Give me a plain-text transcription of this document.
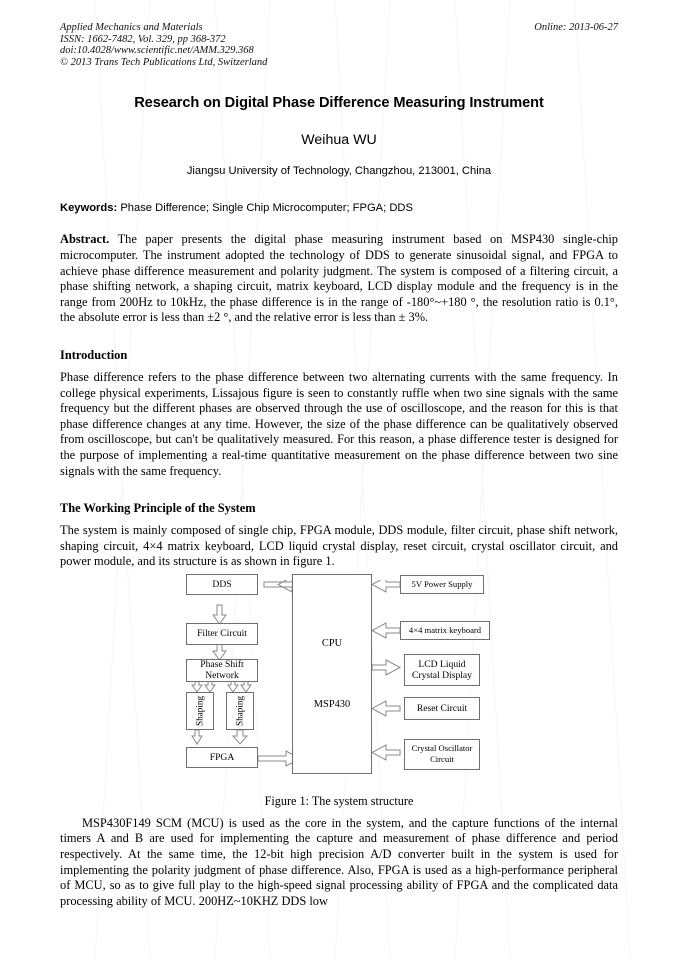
Online: 2013-06-27
Applied Mechanics and Materials
ISSN: 1662-7482, Vol. 329, pp 368-372
doi:10.4028/www.scientific.net/AMM.329.368
© 2013 Trans Tech Publications Ltd, Switzerland
Research on Digital Phase Difference Measuring Instrument
Weihua WU
Jiangsu University of Technology, Changzhou, 213001, China
Keywords: Phase Difference; Single Chip Microcomputer; FPGA; DDS
Abstract. The paper presents the digital phase measuring instrument based on MSP430 single-chip microcomputer. The instrument adopted the technology of DDS to generate sinusoidal signal, and FPGA to achieve phase difference measurement and polarity judgment. The system is composed of a filtering circuit, a phase shifting network, a shaping circuit, matrix keyboard, LCD display module and the frequency is in the range from 200Hz to 10kHz, the phase difference is in the range of -180°~+180 °, the resolution ratio is 0.1°, the absolute error is less than ±2 °, and the relative error is less than ± 3%.
Introduction
Phase difference refers to the phase difference between two alternating currents with the same frequency. In college physical experiments, Lissajous figure is seen to constantly ruffle when two sine signals with the same frequency but the different phases are observed through the use of oscilloscope, and the reason for this is that phase difference changes at any time. However, the size of the phase difference can be qualitatively observed from oscilloscope, but can't be qualitatively measured. For this reason, a phase difference tester is designed for the purpose of implementing a real-time quantitative measurement on the phase difference between two sine signals with the same frequency.
The Working Principle of the System
The system is mainly composed of single chip, FPGA module, DDS module, filter circuit, phase shift network, shaping circuit, 4×4 matrix keyboard, LCD liquid crystal display, reset circuit, crystal oscillator circuit, and power module, and its structure is as shown in figure 1.
DDS
Filter Circuit
Phase Shift Network
Shaping	Shaping
FPGA
CPU
MSP430
5V Power Supply
4×4 matrix keyboard
LCD Liquid Crystal Display
Reset Circuit
Crystal Oscillator Circuit
Figure 1: The system structure
MSP430F149 SCM (MCU) is used as the core in the system, and the capture functions of the internal timers A and B are used for implementing the capture and measurement of phase difference and period respectively. At the same time, the 12-bit high precision A/D converter built in the system is used for implementing the polarity judgment of phase difference. Also, FPGA is used as a high-performance peripheral of MCU, so as to give full play to the high-speed signal processing ability of FPGA and the complicated data processing ability of MCU. 200HZ~10KHZ DDS low
